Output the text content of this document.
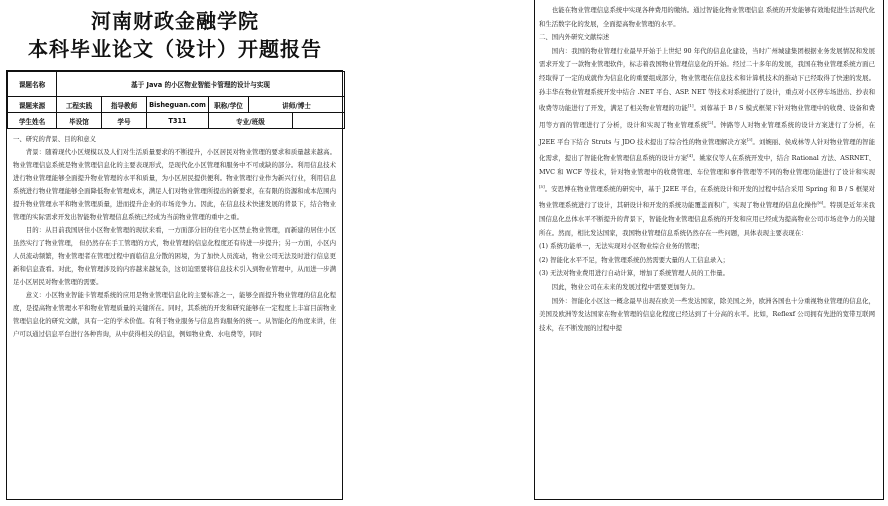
河南财政金融学院
本科毕业论文（设计）开题报告
课题名称	基于 Java 的小区物业智能卡管理的设计与实现					
课题来源	工程实践	指导教师	Bisheguan.com	职称/学位	讲师/博士	
学生姓名	毕设馆	学号	T311	专业/班级		

一、研究的背景、目的和意义

背景：随着现代小区规模以及人们对生活质量要求的不断提升，小区居民对物业管理的要求和质量越来越高。物业管理信息系统是物业管理信息化的主要表现形式，是现代化小区管理和服务中不可或缺的部分。利用信息技术进行物业管理能够全面提升物业管理的水平和质量，为小区居民提供便利。物业管理行业作为新兴行业，利用信息系统进行物业管理能够全面降低物业管理成本，满足人们对物业管理所提出的新要求，在有限的资源和成本范围内提升物业管理水平和物业管理质量，进而提升企业的市场竞争力。因此，在信息技术快速发展的背景下，结合物业管理的实际需求开发出智能物业管理信息系统已经成为当前物业管理的重中之重。

目的：从目前我国居住小区物业管理的现状来看，一方面部分旧的住宅小区禁止物业管理，而新建的居住小区虽然实行了物业管理， 但仍然存在手工管理的方式，物业管理的信息化程度还有待进一步提升；另一方面，小区内人员流动频繁，物业管理者在管理过程中面临信息分散的困境，为了加快人员流动，物业公司无法及时进行信息更新和信息查看。对此，物业管理涉及的内容越来越复杂，这切迫需要将信息技术引入到物业管理中，从而进一步满足小区居民对物业管理的需要。

意义：小区物业智能卡管理系统的应用是物业管理信息化的主要标准之一，能够全面提升物业管理的信息化程度，是提高物业管理水平和物业管理质量的关键所在。同时，其系统的开发和研究能够在一定程度上丰富目前物业管理信息化的研究文献，具有一定的学术价值。有利于物业服务与信息咨询服务的统一。从智能化的角度来讲，住户可以通过信息平台进行各种咨询，从中获得相关的信息，例如物业费、水电费等，同时

也能在物业管理信息系统中实现各种费用的缴纳。通过智能化物业管理信息 系统的开发能够有效地促进生活现代化和生活数字化的发展，全面提高物业管理的水平。

二、国内外研究文献综述

国内：我国的物业管理行业最早开始于上世纪 90 年代的信息化建设，当时广州城建集团根据业务发展情况和发展需求开发了一款物业管理软件，标志着我国物业管理信息化的开始。经过二十多年的发展，我国在物业管理系统方面已经取得了一定的成就作为信息化的重要组成部分，物业管理在信息技术和计算机技术的推动下已经取得了快速的发展。孙丰华在物业管理系统开发中结合 .NET 平台、ASP. NET 等技术对系统进行了设计，重点对小区停车场进出、抄表和收费等功能进行了开发，满足了相关物业管理的功能[1]。刘蓉基于 B / S 模式框架下针对物业管理中的收费、设备和费用等方面的管理进行了分析，设计和实现了物业管理系统[2]。钟路等人对物业管理系统的设计方案进行了分析，在 J2EE 平台下结合 Struts 与 JDO 技术提出了综合性的物业管理解决方案[3]。刘婉丽、侯成林等人针对物业管理的智能化需求，提出了智能化物业管理信息系统的设计方案[4]。姚家仪等人在系统开发中，结合 Rational 方法、ASRNET、MVC 和 WCF 等技术，针对物业管理中的收费管理、车位管理和事件管理等不同的物业管理功能进行了设计和实现[5]。安思博在物业管理系统的研究中，基于 J2EE 平台，在系统设计和开发的过程中结合采用 Spring 和 B / S 框架对物业管理系统进行了设计，其研设计和开发的系统功能覆盖面积广，实现了物业管理的信息化操作[6]。特别是近年来我国信息化总体水平不断提升的背景下，智能化物业管理信息系统的开发和应用已经成为提高物业公司市场竞争力的关键所在。然而，相比发达国家，我国物业管理信息系统仍然存在一些问题，具体表现主要表现在：

(1) 系统功能单一，无法实现对小区物业综合业务的管理；

(2) 智能化水平不足，物业管理系统仍然需要大量的人工信息录入；

(3) 无法对物业费用进行自动计算，增加了系统管理人员的工作量。

因此，物业公司在未来的发展过程中需要更加努力。

国外：智能化小区这一概念最早出现在欧美一些发达国家，除美国之外，欧洲各国也十分重视物业管理的信息化，美国及欧洲等发达国家在物业管理的信息化程度已经达到了十分高的水平。比如，Reflexf 公司拥有先进的宽带互联网技术，在不断发展的过程中提
